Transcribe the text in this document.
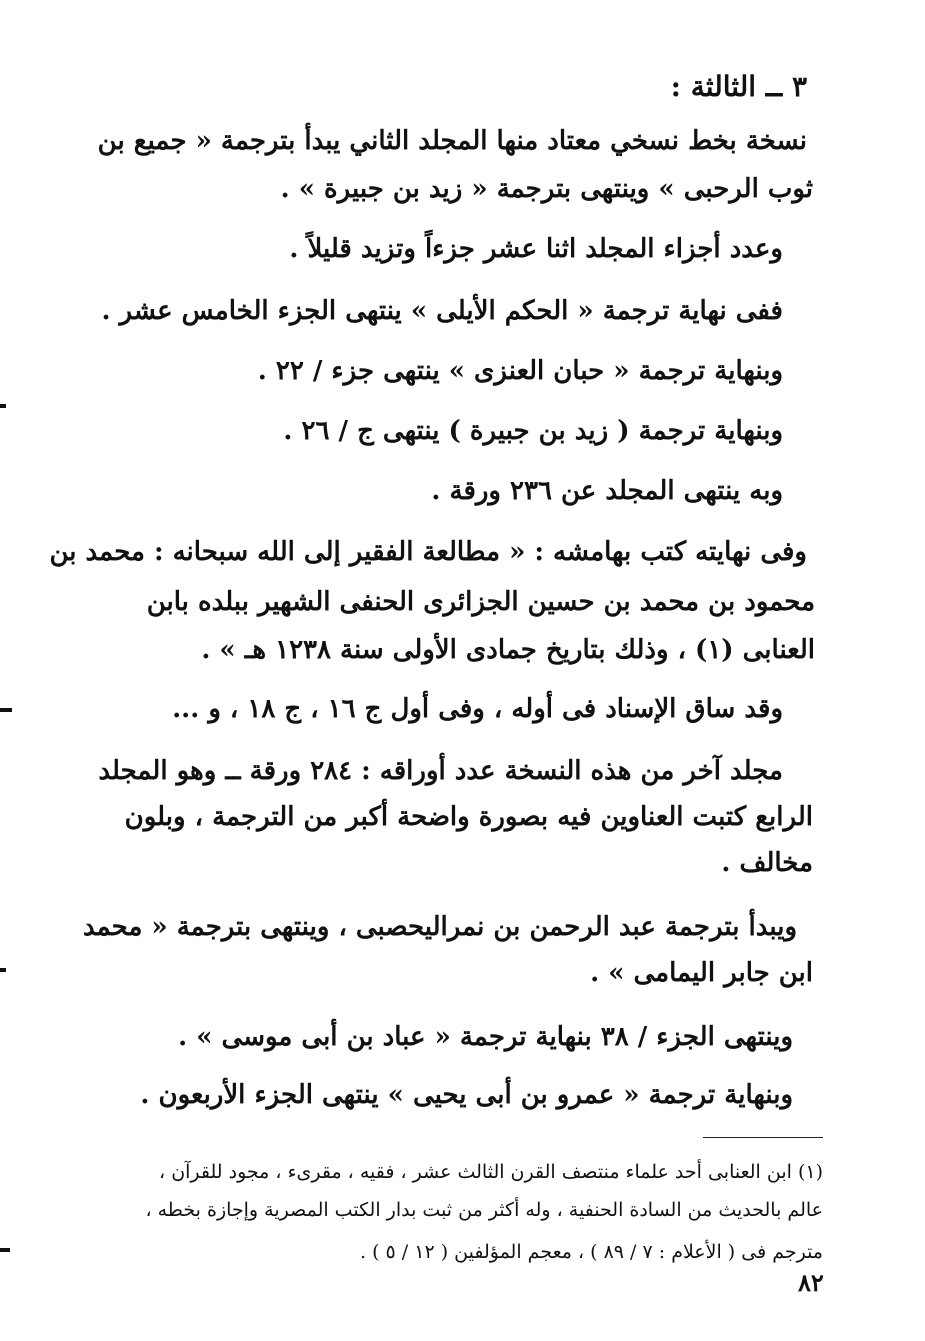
٣ ــ الثالثة :
نسخة بخط نسخي معتاد منها المجلد الثاني يبدأ بترجمة « جميع بن
ثوب الرحبى » وينتهى بترجمة « زيد بن جبيرة » .
وعدد أجزاء المجلد اثنا عشر جزءاً وتزيد قليلاً .
ففى نهاية ترجمة « الحكم الأيلى » ينتهى الجزء الخامس عشر .
وبنهاية ترجمة « حبان العنزى » ينتهى جزء / ٢٢ .
وبنهاية ترجمة ( زيد بن جبيرة ) ينتهى ج / ٢٦ .
وبه ينتهى المجلد عن ٢٣٦ ورقة .
وفى نهايته كتب بهامشه : « مطالعة الفقير إلى الله سبحانه : محمد بن
محمود بن محمد بن حسين الجزائرى الحنفى الشهير ببلده بابن
العنابى (١) ، وذلك بتاريخ جمادى الأولى سنة ١٢٣٨ هـ » .
وقد ساق الإسناد فى أوله ، وفى أول ج ١٦ ، ج ١٨ ، و ...
مجلد آخر من هذه النسخة عدد أوراقه : ٢٨٤ ورقة ــ وهو المجلد
الرابع كتبت العناوين فيه بصورة واضحة أكبر من الترجمة ، وبلون
مخالف .
ويبدأ بترجمة عبد الرحمن بن نمراليحصبى ، وينتهى بترجمة « محمد
ابن جابر اليمامى » .
وينتهى الجزء / ٣٨ بنهاية ترجمة « عباد بن أبى موسى » .
وبنهاية ترجمة « عمرو بن أبى يحيى » ينتهى الجزء الأربعون .
(١) ابن العنابى أحد علماء منتصف القرن الثالث عشر ، فقيه ، مقرىء ، مجود للقرآن ،
عالم بالحديث من السادة الحنفية ، وله أكثر من ثبت بدار الكتب المصرية وإجازة بخطه ،
مترجم فى ( الأعلام : ٧ / ٨٩ ) ، معجم المؤلفين ( ١٢ / ٥ ) .
٨٢
